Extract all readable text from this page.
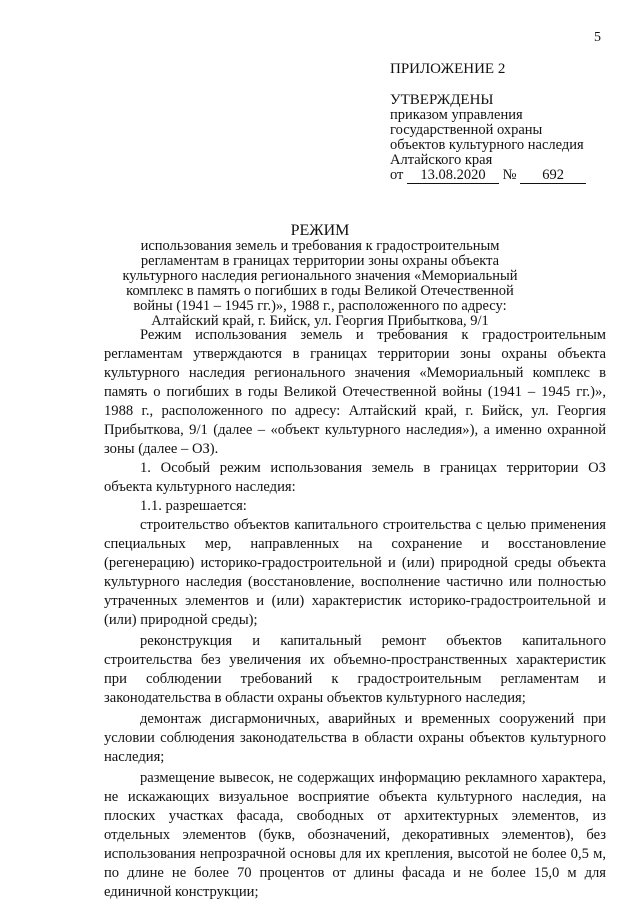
5
ПРИЛОЖЕНИЕ 2
УТВЕРЖДЕНЫ
приказом управления
государственной охраны
объектов культурного наследия
Алтайского края
от 13.08.2020 № 692
РЕЖИМ
использования земель и требования к градостроительным
регламентам в границах территории зоны охраны объекта
культурного наследия регионального значения «Мемориальный
комплекс в память о погибших в годы Великой Отечественной
войны (1941 – 1945 гг.)», 1988 г., расположенного по адресу:
Алтайский край, г. Бийск, ул. Георгия Прибыткова, 9/1

Режим использования земель и требования к градостроительным регламентам утверждаются в границах территории зоны охраны объекта культурного наследия регионального значения «Мемориальный комплекс в память о погибших в годы Великой Отечественной войны (1941 – 1945 гг.)», 1988 г., расположенного по адресу: Алтайский край, г. Бийск, ул. Георгия Прибыткова, 9/1 (далее – «объект культурного наследия»), а именно охранной зоны (далее – ОЗ).

1. Особый режим использования земель в границах территории ОЗ объекта культурного наследия:

1.1. разрешается:

строительство объектов капитального строительства с целью применения специальных мер, направленных на сохранение и восстановление (регенерацию) историко-градостроительной и (или) природной среды объекта культурного наследия (восстановление, восполнение частично или полностью утраченных элементов и (или) характеристик историко-градостроительной и (или) природной среды);

реконструкция и капитальный ремонт объектов капитального строительства без увеличения их объемно-пространственных характеристик при соблюдении требований к градостроительным регламентам и законодательства в области охраны объектов культурного наследия;

демонтаж дисгармоничных, аварийных и временных сооружений при условии соблюдения законодательства в области охраны объектов культурного наследия;

размещение вывесок, не содержащих информацию рекламного характера, не искажающих визуальное восприятие объекта культурного наследия, на плоских участках фасада, свободных от архитектурных элементов, из отдельных элементов (букв, обозначений, декоративных элементов), без использования непрозрачной основы для их крепления, высотой не более 0,5 м, по длине не более 70 процентов от длины фасада и не более 15,0 м для единичной конструкции;
